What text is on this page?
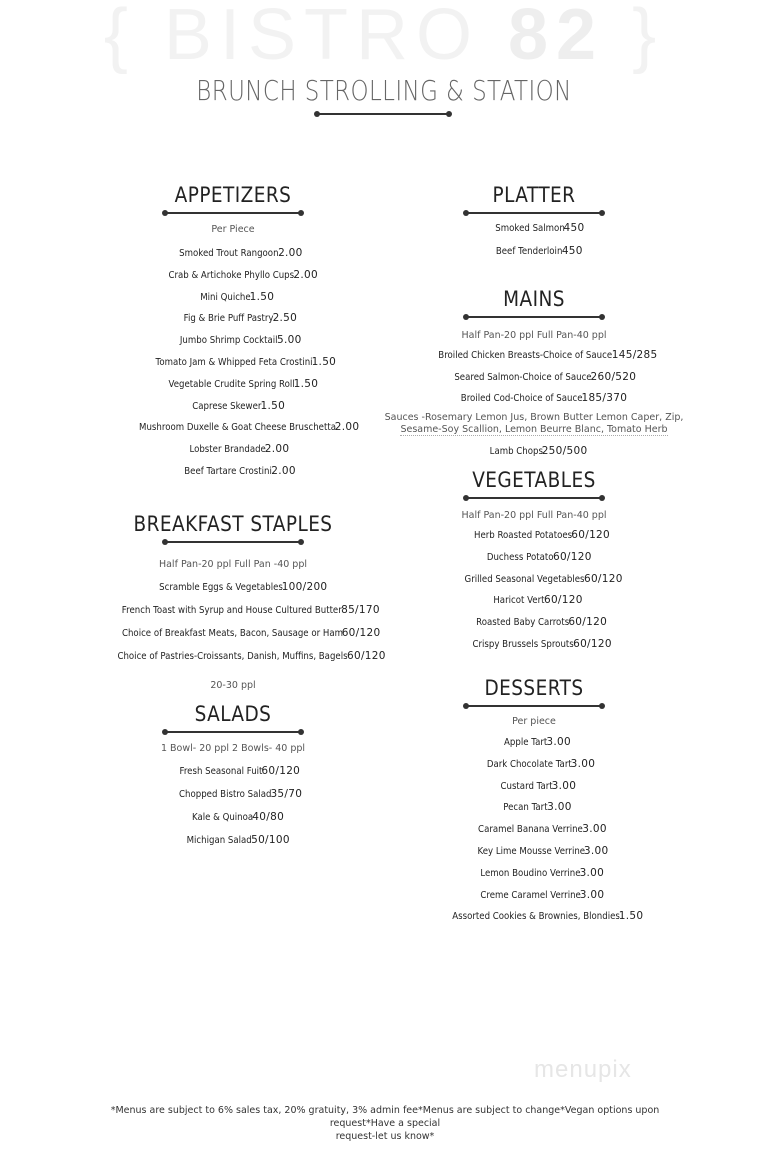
{ BISTRO 82 }
BRUNCH STROLLING & STATION
APPETIZERS
Per Piece
Smoked Trout Rangoon 2.00
Crab & Artichoke Phyllo Cups 2.00
Mini Quiche 1.50
Fig & Brie Puff Pastry 2.50
Jumbo Shrimp Cocktail 5.00
Tomato Jam & Whipped Feta Crostini 1.50
Vegetable Crudite Spring Roll 1.50
Caprese Skewer 1.50
Mushroom Duxelle & Goat Cheese Bruschetta 2.00
Lobster Brandade 2.00
Beef Tartare Crostini 2.00
BREAKFAST STAPLES
Half Pan-20 ppl Full Pan -40 ppl
Scramble Eggs & Vegetables 100/200
French Toast with Syrup and House Cultured Butter 85/170
Choice of Breakfast Meats, Bacon, Sausage or Ham 60/120
Choice of Pastries-Croissants, Danish, Muffins, Bagels 60/120
20-30 ppl
SALADS
1 Bowl- 20 ppl 2 Bowls- 40 ppl
Fresh Seasonal Fuit 60/120
Chopped Bistro Salad 35/70
Kale & Quinoa 40/80
Michigan Salad 50/100
PLATTER
Smoked Salmon 450
Beef Tenderloin 450
MAINS
Half Pan-20 ppl Full Pan-40 ppl
Broiled Chicken Breasts-Choice of Sauce 145/285
Seared Salmon-Choice of Sauce 260/520
Broiled Cod-Choice of Sauce 185/370
Sauces -Rosemary Lemon Jus, Brown Butter Lemon Caper, Zip,
Sesame-Soy Scallion, Lemon Beurre Blanc, Tomato Herb
Lamb Chops 250/500
VEGETABLES
Half Pan-20 ppl Full Pan-40 ppl
Herb Roasted Potatoes 60/120
Duchess Potato 60/120
Grilled Seasonal Vegetables 60/120
Haricot Vert 60/120
Roasted Baby Carrots 60/120
Crispy Brussels Sprouts 60/120
DESSERTS
Per piece
Apple Tart 3.00
Dark Chocolate Tart 3.00
Custard Tart 3.00
Pecan Tart 3.00
Caramel Banana Verrine 3.00
Key Lime Mousse Verrine 3.00
Lemon Boudino Verrine 3.00
Creme Caramel Verrine 3.00
Assorted Cookies & Brownies, Blondies 1.50
menupix
*Menus are subject to 6% sales tax, 20% gratuity, 3% admin fee*Menus are subject to change*Vegan options upon request*Have a special
request-let us know*
